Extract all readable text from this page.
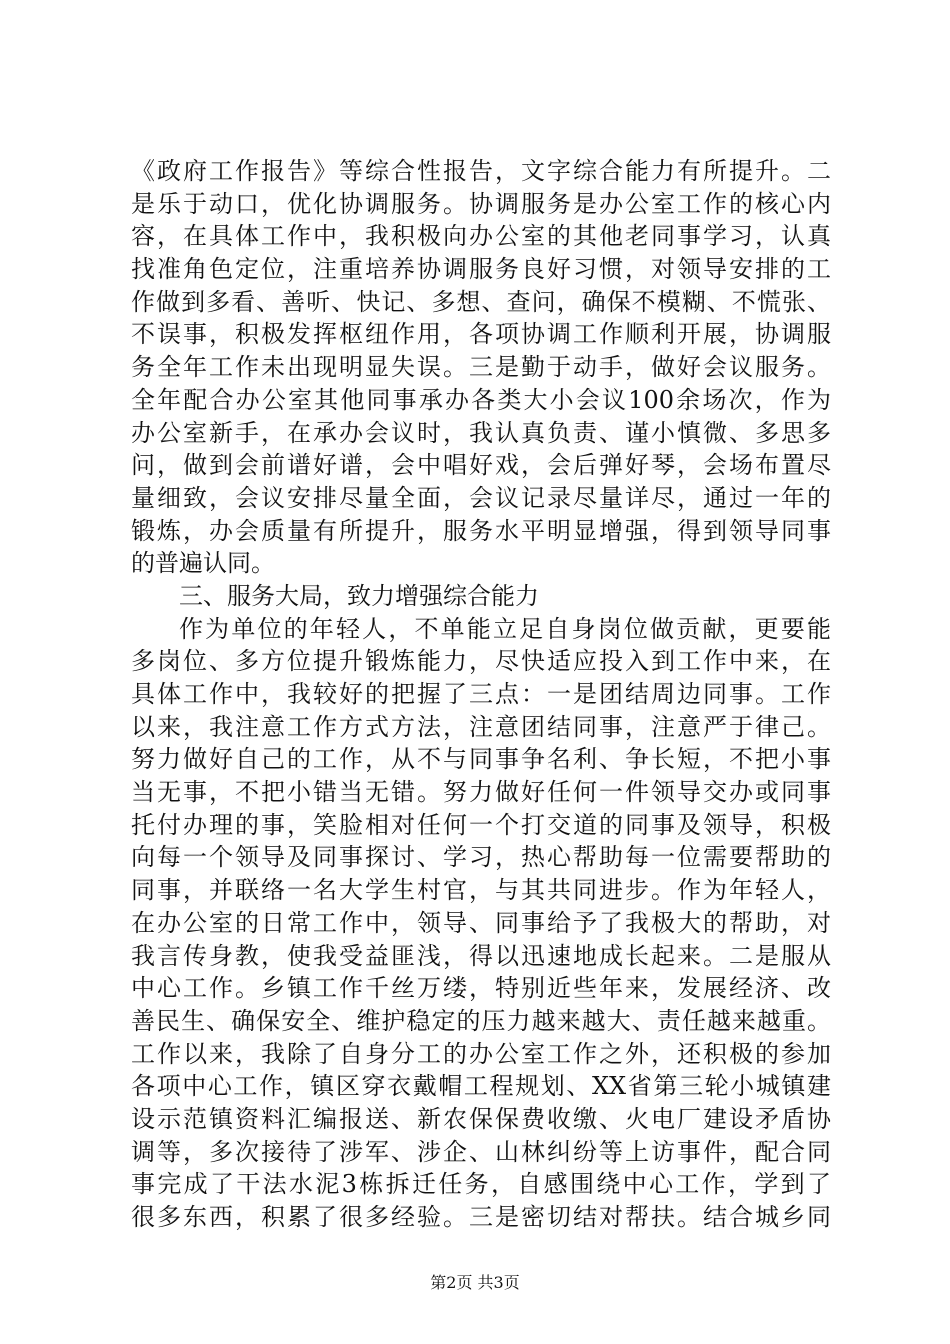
《政府工作报告》等综合性报告，文字综合能力有所提升。二
是乐于动口，优化协调服务。协调服务是办公室工作的核心内
容，在具体工作中，我积极向办公室的其他老同事学习，认真
找准角色定位，注重培养协调服务良好习惯，对领导安排的工
作做到多看、善听、快记、多想、查问，确保不模糊、不慌张、
不误事，积极发挥枢纽作用，各项协调工作顺利开展，协调服
务全年工作未出现明显失误。三是勤于动手，做好会议服务。
全年配合办公室其他同事承办各类大小会议100余场次，作为
办公室新手，在承办会议时，我认真负责、谨小慎微、多思多
问，做到会前谱好谱，会中唱好戏，会后弹好琴，会场布置尽
量细致，会议安排尽量全面，会议记录尽量详尽，通过一年的
锻炼，办会质量有所提升，服务水平明显增强，得到领导同事
的普遍认同。
三、服务大局，致力增强综合能力
作为单位的年轻人，不单能立足自身岗位做贡献，更要能
多岗位、多方位提升锻炼能力，尽快适应投入到工作中来，在
具体工作中，我较好的把握了三点：一是团结周边同事。工作
以来，我注意工作方式方法，注意团结同事，注意严于律己。
努力做好自己的工作，从不与同事争名利、争长短，不把小事
当无事，不把小错当无错。努力做好任何一件领导交办或同事
托付办理的事，笑脸相对任何一个打交道的同事及领导，积极
向每一个领导及同事探讨、学习，热心帮助每一位需要帮助的
同事，并联络一名大学生村官，与其共同进步。作为年轻人，
在办公室的日常工作中，领导、同事给予了我极大的帮助，对
我言传身教，使我受益匪浅，得以迅速地成长起来。二是服从
中心工作。乡镇工作千丝万缕，特别近些年来，发展经济、改
善民生、确保安全、维护稳定的压力越来越大、责任越来越重。
工作以来，我除了自身分工的办公室工作之外，还积极的参加
各项中心工作，镇区穿衣戴帽工程规划、XX省第三轮小城镇建
设示范镇资料汇编报送、新农保保费收缴、火电厂建设矛盾协
调等，多次接待了涉军、涉企、山林纠纷等上访事件，配合同
事完成了干法水泥3栋拆迁任务，自感围绕中心工作，学到了
很多东西，积累了很多经验。三是密切结对帮扶。结合城乡同
第2页 共3页
